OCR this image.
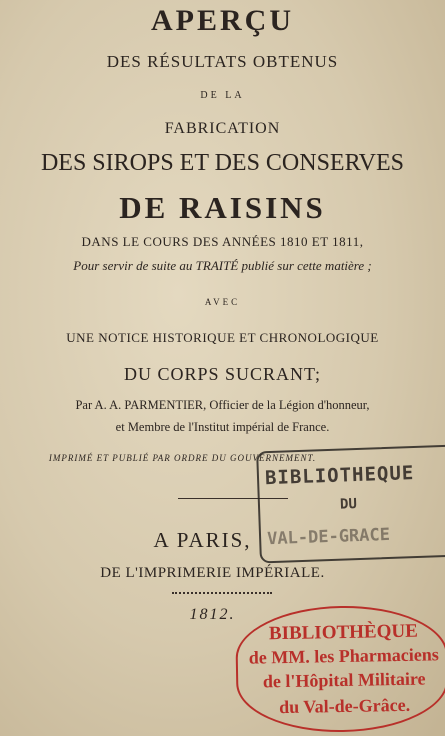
APERÇU
DES RÉSULTATS OBTENUS
DE LA
FABRICATION
DES SIROPS ET DES CONSERVES
DE RAISINS
DANS LE COURS DES ANNÉES 1810 ET 1811,
Pour servir de suite au TRAITÉ publié sur cette matière ;
AVEC
UNE NOTICE HISTORIQUE ET CHRONOLOGIQUE
DU CORPS SUCRANT;
Par A. A. PARMENTIER, Officier de la Légion d'honneur,
et Membre de l'Institut impérial de France.
IMPRIMÉ ET PUBLIÉ PAR ORDRE DU GOUVERNEMENT.
A PARIS,
DE L'IMPRIMERIE IMPÉRIALE.
1812.
BIBLIOTHEQUE
DU
VAL-DE-GRACE
BIBLIOTHÈQUE
de MM. les Pharmaciens
de l'Hôpital Militaire
du Val-de-Grâce.
